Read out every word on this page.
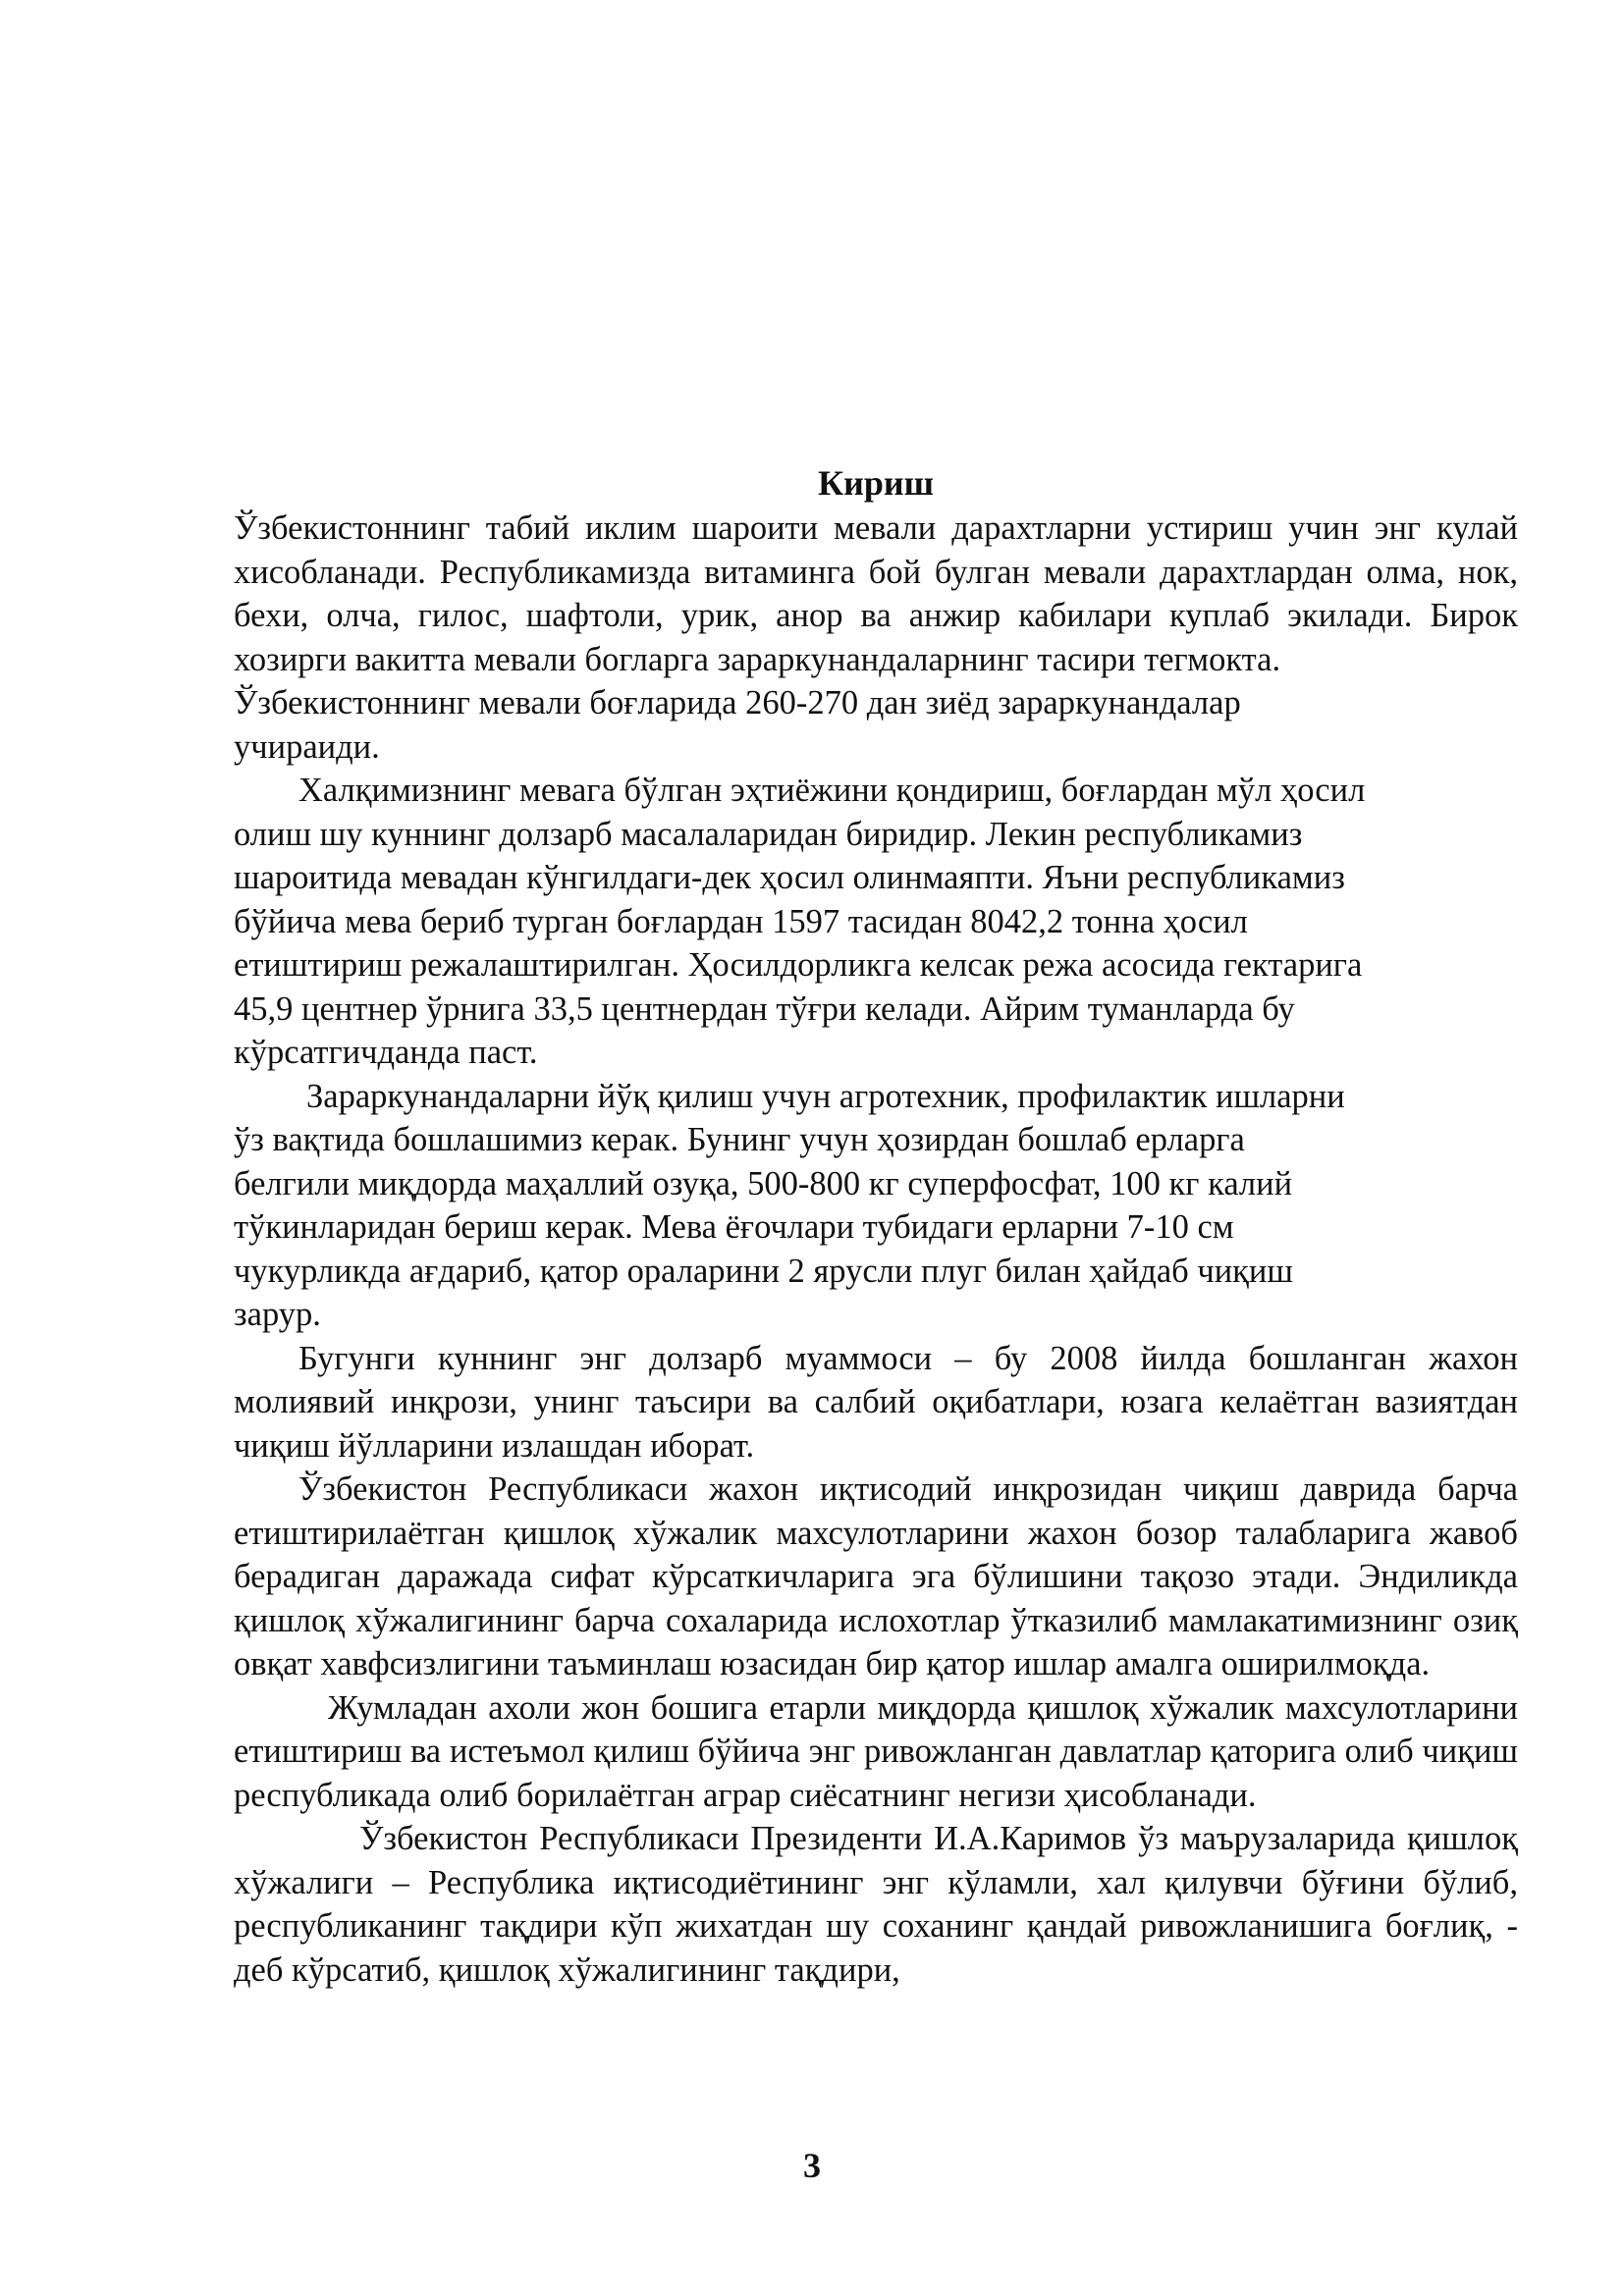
Кириш

Ўзбекистоннинг табий иклим шароити мевали дарахтларни устириш учин энг кулай хисобланади. Республикамизда витаминга бой булган мевали дарахтлардан олма, нок, бехи, олча, гилос, шафтоли, урик, анор ва анжир кабилари куплаб экилади. Бирок хозирги вакитта мевали богларга зараркунандаларнинг тасири тегмокта.

Ўзбекистоннинг мевали боғларида 260-270 дан зиёд зараркунандалар
учираиди.

Халқимизнинг мевага бўлган эҳтиёжини қондириш, боғлардан мўл ҳосил
олиш шу куннинг долзарб масалаларидан биридир. Лекин республикамиз
шароитида мевадан кўнгилдаги-дек ҳосил олинмаяпти. Яъни республикамиз
бўйича мева бериб турган боғлардан 1597 тасидан 8042,2 тонна ҳосил
етиштириш режалаштирилган. Ҳосилдорликга келсак режа асосида гектарига
45,9 центнер ўрнига 33,5 центнердан тўғри келади. Айрим туманларда бу
кўрсатгичданда паст.

Зараркунандаларни йўқ қилиш учун агротехник, профилактик ишларни
ўз вақтида бошлашимиз керак. Бунинг учун ҳозирдан бошлаб ерларга
белгили миқдорда маҳаллий озуқа, 500-800 кг суперфосфат, 100 кг калий
тўкинларидан бериш керак. Мева ёғочлари тубидаги ерларни 7-10 см
чукурликда ағдариб, қатор ораларини 2 ярусли плуг билан ҳайдаб чиқиш
зарур.

Бугунги куннинг энг долзарб муаммоси – бу 2008 йилда бошланган жахон молиявий инқрози, унинг таъсири ва салбий оқибатлари, юзага келаётган вазиятдан чиқиш йўлларини излашдан иборат.

Ўзбекистон Республикаси жахон иқтисодий инқрозидан чиқиш даврида барча етиштирилаётган қишлоқ хўжалик махсулотларини жахон бозор талабларига жавоб берадиган даражада сифат кўрсаткичларига эга бўлишини тақозо этади. Эндиликда қишлоқ хўжалигининг барча сохаларида ислохотлар ўтказилиб мамлакатимизнинг озиқ овқат хавфсизлигини таъминлаш юзасидан бир қатор ишлар амалга оширилмоқда.

Жумладан ахоли жон бошига етарли миқдорда қишлоқ хўжалик махсулотларини етиштириш ва истеъмол қилиш бўйича энг ривожланган давлатлар қаторига олиб чиқиш республикада олиб борилаётган аграр сиёсатнинг негизи ҳисобланади.

Ўзбекистон Республикаси Президенти И.А.Каримов ўз маърузаларида қишлоқ хўжалиги – Республика иқтисодиётининг энг кўламли, хал қилувчи бўғини бўлиб, республиканинг тақдири кўп жихатдан шу соханинг қандай ривожланишига боғлиқ, - деб кўрсатиб, қишлоқ хўжалигининг тақдири,

3
